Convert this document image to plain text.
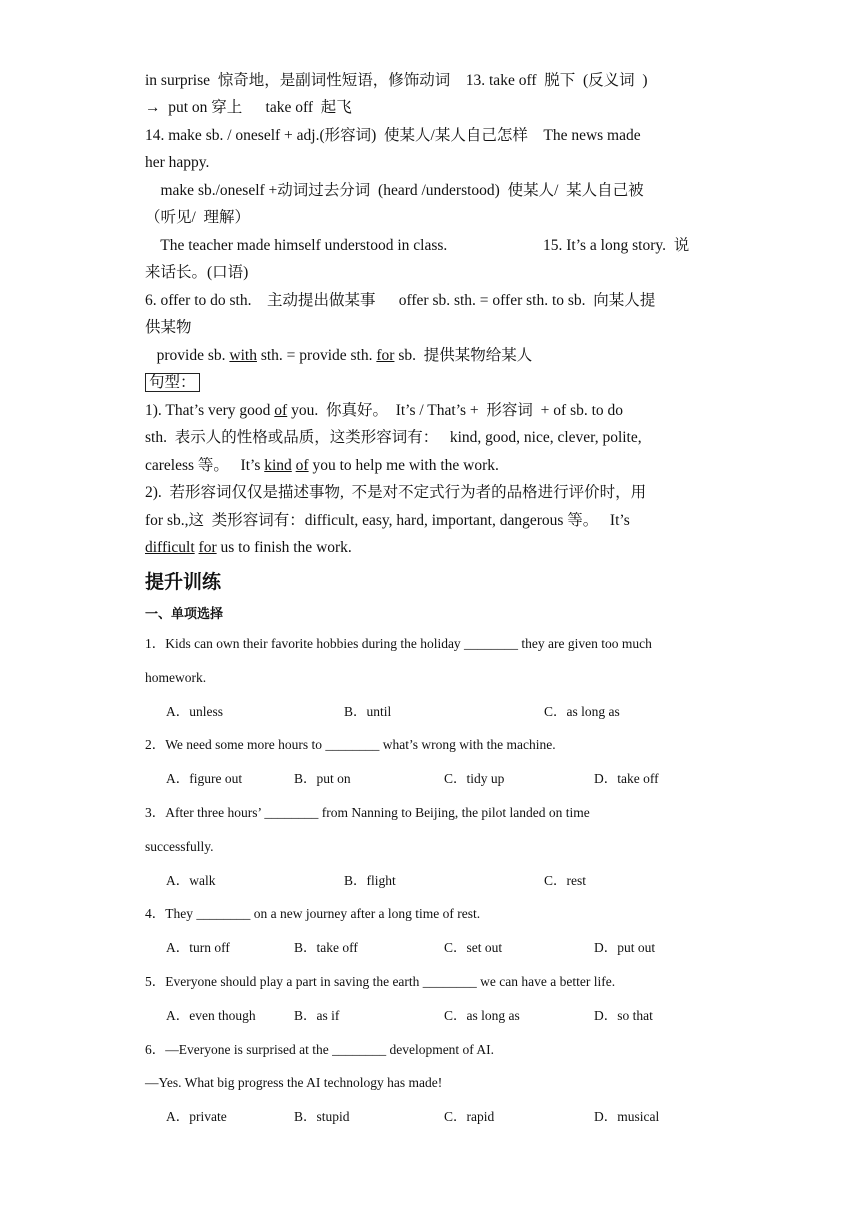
in surprise  惊奇地，是副词性短语，修饰动词    13. take off  脱下  (反义词  )
→  put on 穿上      take off  起飞
14. make sb. / oneself + adj.(形容词)  使某人/某人自己怎样    The news made
her happy.
make sb./oneself +动词过去分词  (heard /understood)  使某人/  某人自己被
（听见/  理解）
The teacher made himself understood in class.	15. It’s a long story.  说
来话长。(口语)
6. offer to do sth.    主动提出做某事      offer sb. sth. = offer sth. to sb.  向某人提
供某物
provide sb. with sth. = provide sth. for sb.  提供某物给某人
句型：
1). That’s very good of you.  你真好。  It’s / That’s +  形容词  + of sb. to do
sth.  表示人的性格或品质，这类形容词有：   kind, good, nice, clever, polite,
careless 等。   It’s kind of you to help me with the work.
2).  若形容词仅仅是描述事物,  不是对不定式行为者的品格进行评价时，用
for sb.,这  类形容词有：difficult, easy, hard, important, dangerous 等。   It’s
difficult for us to finish the work.
提升训练
一、单项选择
1．Kids can own their favorite hobbies during the holiday ________ they are given too much
homework.
A．unless	B．until	C．as long as
2．We need some more hours to ________ what’s wrong with the machine.
A．figure out	B．put on	C．tidy up	D．take off
3．After three hours’ ________ from Nanning to Beijing, the pilot landed on time
successfully.
A．walk	B．flight	C．rest
4．They ________ on a new journey after a long time of rest.
A．turn off	B．take off	C．set out	D．put out
5．Everyone should play a part in saving the earth ________ we can have a better life.
A．even though	B．as if	C．as long as	D．so that
6．—Everyone is surprised at the ________ development of AI.
—Yes. What big progress the AI technology has made!
A．private	B．stupid	C．rapid	D．musical
